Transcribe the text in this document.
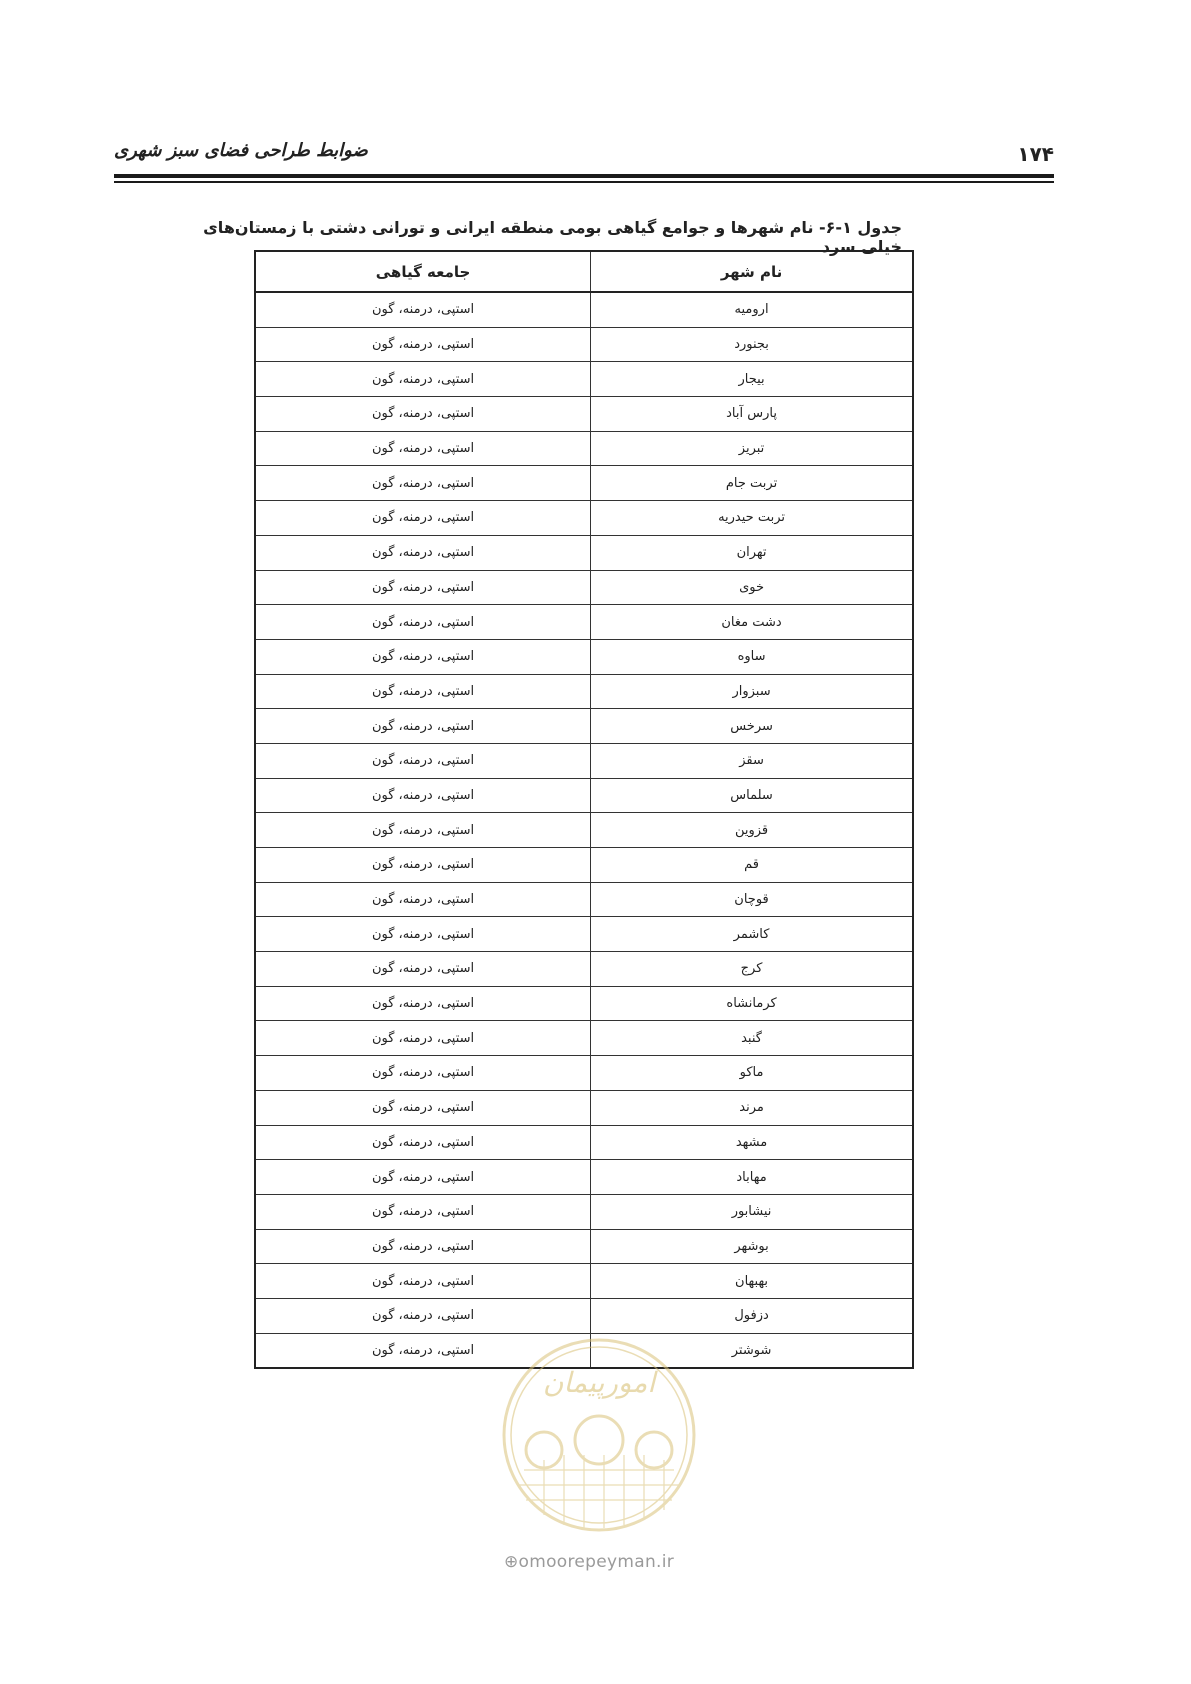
۱۷۴
ضوابط طراحی فضای سبز شهری
جدول ۱-۶- نام شهرها و جوامع گیاهی بومی منطقه ایرانی و تورانی دشتی با زمستان‌های خیلی سرد
نام شهر	جامعه گیاهی
ارومیه	استپی، درمنه، گون
بجنورد	استپی، درمنه، گون
بیجار	استپی، درمنه، گون
پارس آباد	استپی، درمنه، گون
تبریز	استپی، درمنه، گون
تربت جام	استپی، درمنه، گون
تربت حیدریه	استپی، درمنه، گون
تهران	استپی، درمنه، گون
خوی	استپی، درمنه، گون
دشت مغان	استپی، درمنه، گون
ساوه	استپی، درمنه، گون
سبزوار	استپی، درمنه، گون
سرخس	استپی، درمنه، گون
سقز	استپی، درمنه، گون
سلماس	استپی، درمنه، گون
قزوین	استپی، درمنه، گون
قم	استپی، درمنه، گون
قوچان	استپی، درمنه، گون
کاشمر	استپی، درمنه، گون
کرج	استپی، درمنه، گون
کرمانشاه	استپی، درمنه، گون
گنبد	استپی، درمنه، گون
ماکو	استپی، درمنه، گون
مرند	استپی، درمنه، گون
مشهد	استپی، درمنه، گون
مهاباد	استپی، درمنه، گون
نیشابور	استپی، درمنه، گون
بوشهر	استپی، درمنه، گون
بهبهان	استپی، درمنه، گون
دزفول	استپی، درمنه، گون
شوشتر	استپی، درمنه، گون
امورپیمان
⊕omoorepeyman.ir
